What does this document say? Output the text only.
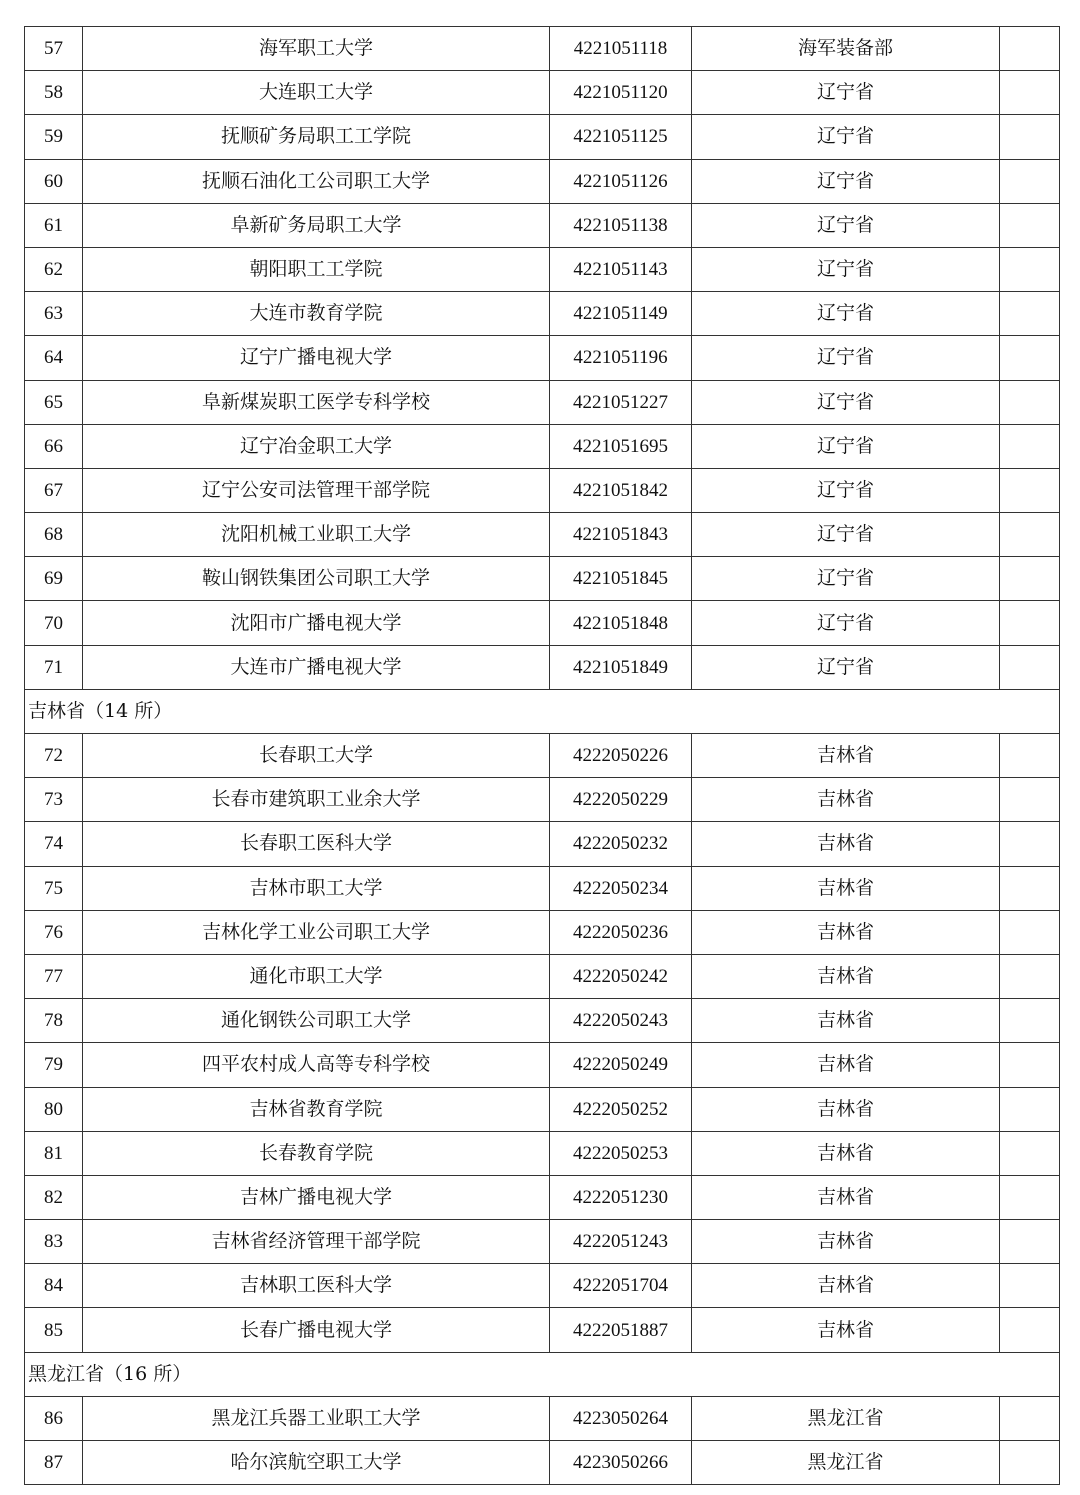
57	海军职工大学	4221051118	海军装备部	
58	大连职工大学	4221051120	辽宁省	
59	抚顺矿务局职工工学院	4221051125	辽宁省	
60	抚顺石油化工公司职工大学	4221051126	辽宁省	
61	阜新矿务局职工大学	4221051138	辽宁省	
62	朝阳职工工学院	4221051143	辽宁省	
63	大连市教育学院	4221051149	辽宁省	
64	辽宁广播电视大学	4221051196	辽宁省	
65	阜新煤炭职工医学专科学校	4221051227	辽宁省	
66	辽宁冶金职工大学	4221051695	辽宁省	
67	辽宁公安司法管理干部学院	4221051842	辽宁省	
68	沈阳机械工业职工大学	4221051843	辽宁省	
69	鞍山钢铁集团公司职工大学	4221051845	辽宁省	
70	沈阳市广播电视大学	4221051848	辽宁省	
71	大连市广播电视大学	4221051849	辽宁省	
吉林省（14 所）				
72	长春职工大学	4222050226	吉林省	
73	长春市建筑职工业余大学	4222050229	吉林省	
74	长春职工医科大学	4222050232	吉林省	
75	吉林市职工大学	4222050234	吉林省	
76	吉林化学工业公司职工大学	4222050236	吉林省	
77	通化市职工大学	4222050242	吉林省	
78	通化钢铁公司职工大学	4222050243	吉林省	
79	四平农村成人高等专科学校	4222050249	吉林省	
80	吉林省教育学院	4222050252	吉林省	
81	长春教育学院	4222050253	吉林省	
82	吉林广播电视大学	4222051230	吉林省	
83	吉林省经济管理干部学院	4222051243	吉林省	
84	吉林职工医科大学	4222051704	吉林省	
85	长春广播电视大学	4222051887	吉林省	
黑龙江省（16 所）				
86	黑龙江兵器工业职工大学	4223050264	黑龙江省	
87	哈尔滨航空职工大学	4223050266	黑龙江省	
